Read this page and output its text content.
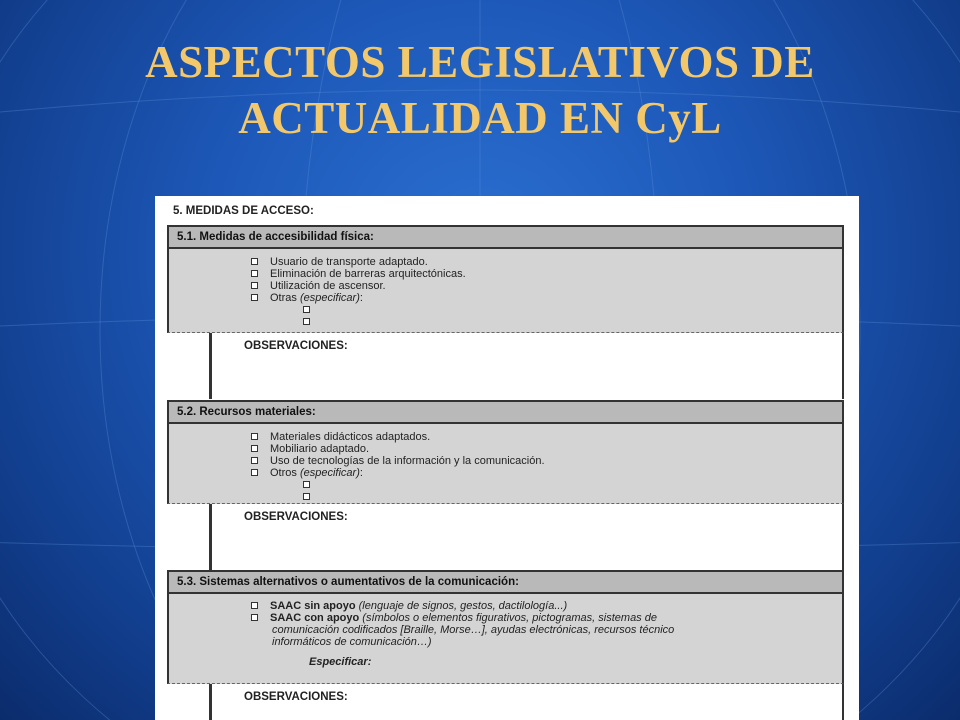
ASPECTOS LEGISLATIVOS DE
ACTUALIDAD EN CyL
5. MEDIDAS DE ACCESO:
5.1. Medidas de accesibilidad física:
Usuario de transporte adaptado.
Eliminación de barreras arquitectónicas.
Utilización de ascensor.
Otras (especificar):
OBSERVACIONES:
5.2. Recursos materiales:
Materiales didácticos adaptados.
Mobiliario adaptado.
Uso de tecnologías de la información y la comunicación.
Otros (especificar):
OBSERVACIONES:
5.3. Sistemas alternativos o aumentativos de la comunicación:
SAAC sin apoyo (lenguaje de signos, gestos, dactilología...)
SAAC con apoyo (símbolos o elementos figurativos, pictogramas, sistemas de
comunicación codificados [Braille, Morse…], ayudas electrónicas, recursos técnico
informáticos de comunicación…)
Especificar:
OBSERVACIONES:
